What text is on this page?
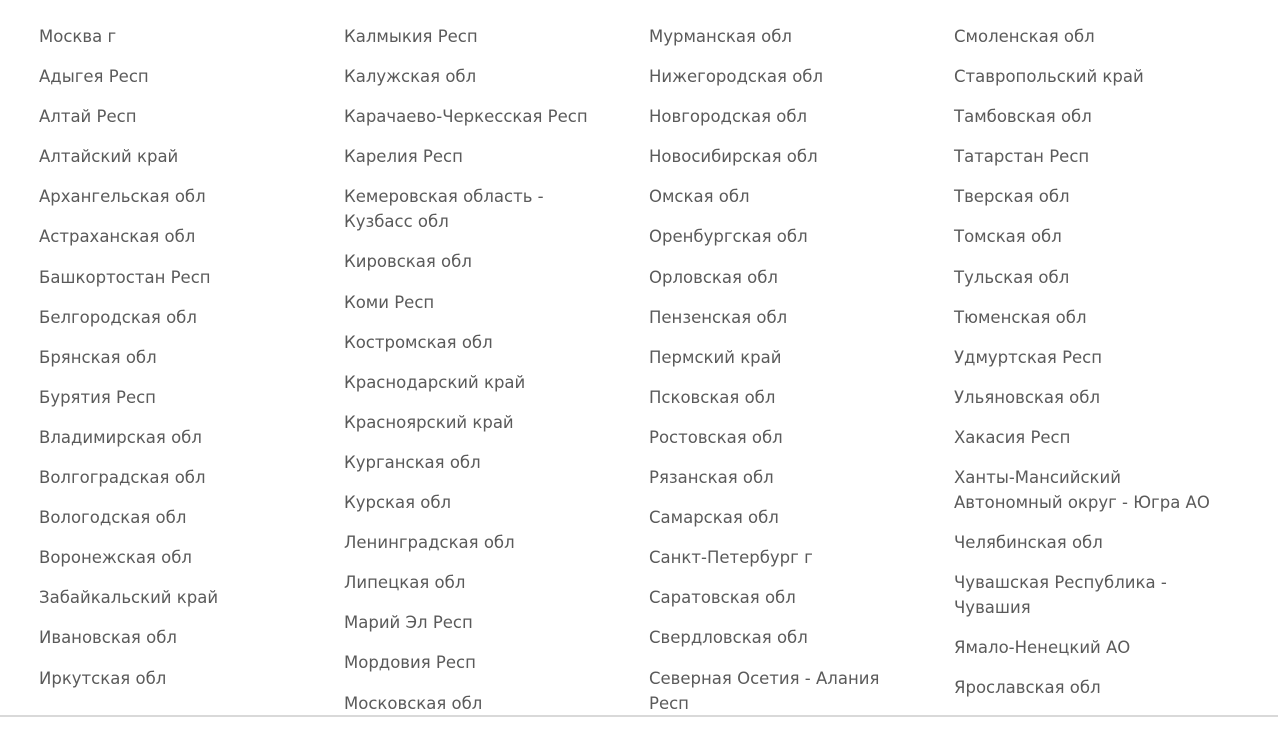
Москва г
Адыгея Респ
Алтай Респ
Алтайский край
Архангельская обл
Астраханская обл
Башкортостан Респ
Белгородская обл
Брянская обл
Бурятия Респ
Владимирская обл
Волгоградская обл
Вологодская обл
Воронежская обл
Забайкальский край
Ивановская обл
Иркутская обл
Калмыкия Респ
Калужская обл
Карачаево-Черкесская Респ
Карелия Респ
Кемеровская область - Кузбасс обл
Кировская обл
Коми Респ
Костромская обл
Краснодарский край
Красноярский край
Курганская обл
Курская обл
Ленинградская обл
Липецкая обл
Марий Эл Респ
Мордовия Респ
Московская обл
Мурманская обл
Нижегородская обл
Новгородская обл
Новосибирская обл
Омская обл
Оренбургская обл
Орловская обл
Пензенская обл
Пермский край
Псковская обл
Ростовская обл
Рязанская обл
Самарская обл
Санкт-Петербург г
Саратовская обл
Свердловская обл
Северная Осетия - Алания Респ
Смоленская обл
Ставропольский край
Тамбовская обл
Татарстан Респ
Тверская обл
Томская обл
Тульская обл
Тюменская обл
Удмуртская Респ
Ульяновская обл
Хакасия Респ
Ханты-Мансийский Автономный округ - Югра АО
Челябинская обл
Чувашская Республика - Чувашия
Ямало-Ненецкий АО
Ярославская обл
